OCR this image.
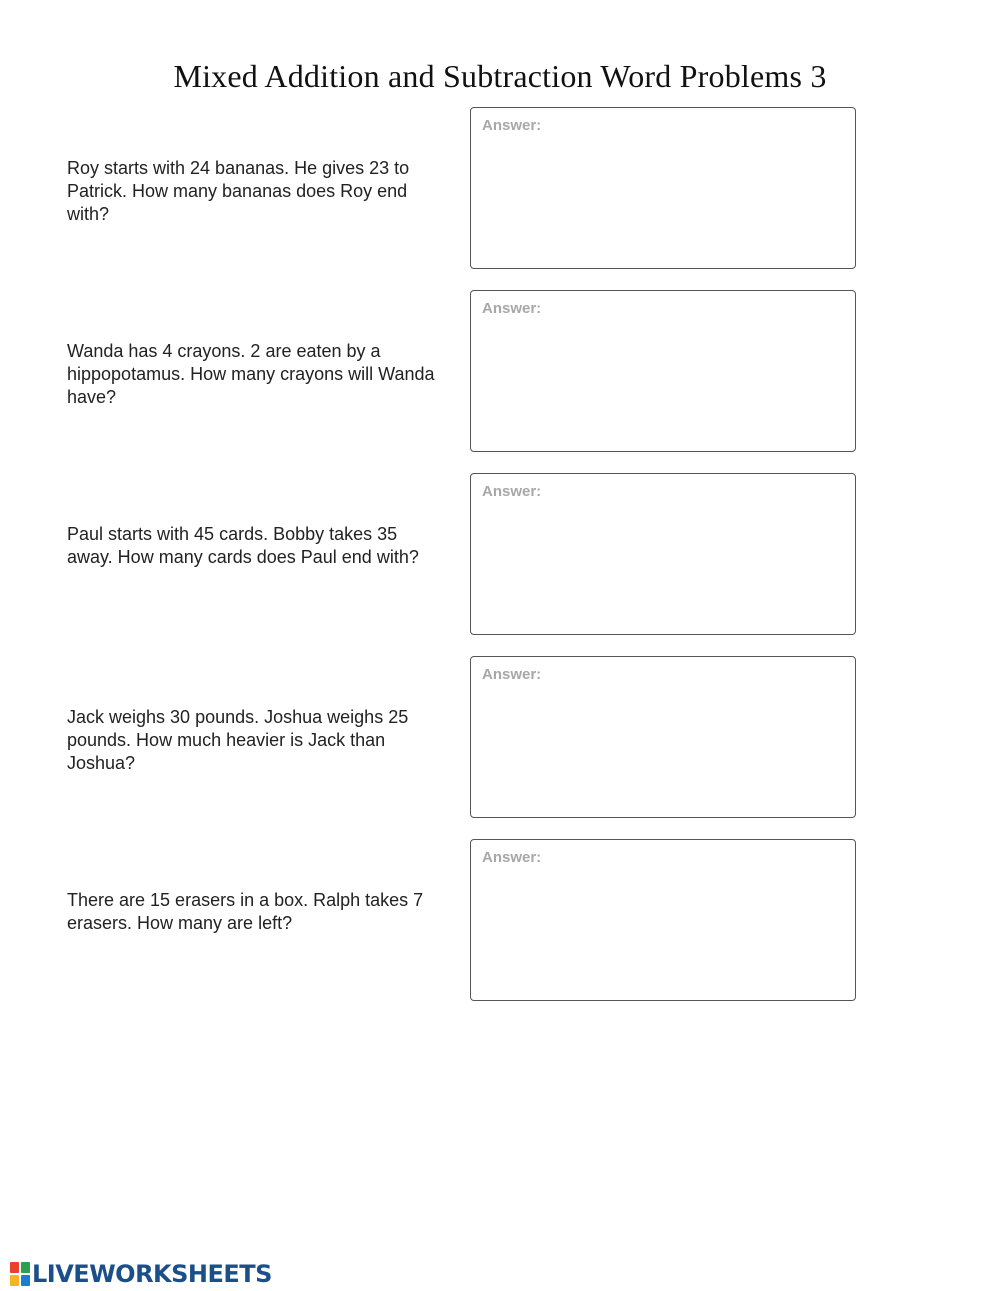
Mixed Addition and Subtraction Word Problems 3
Roy starts with 24 bananas. He gives 23 to Patrick. How many bananas does Roy end with?
Answer:
Wanda has 4 crayons. 2 are eaten by a hippopotamus. How many crayons will Wanda have?
Answer:
Paul starts with 45 cards. Bobby takes 35 away. How many cards does Paul end with?
Answer:
Jack weighs 30 pounds. Joshua weighs 25 pounds. How much heavier is Jack than Joshua?
Answer:
There are 15 erasers in a box. Ralph takes 7 erasers. How many are left?
Answer:
LIVEWORKSHEETS
